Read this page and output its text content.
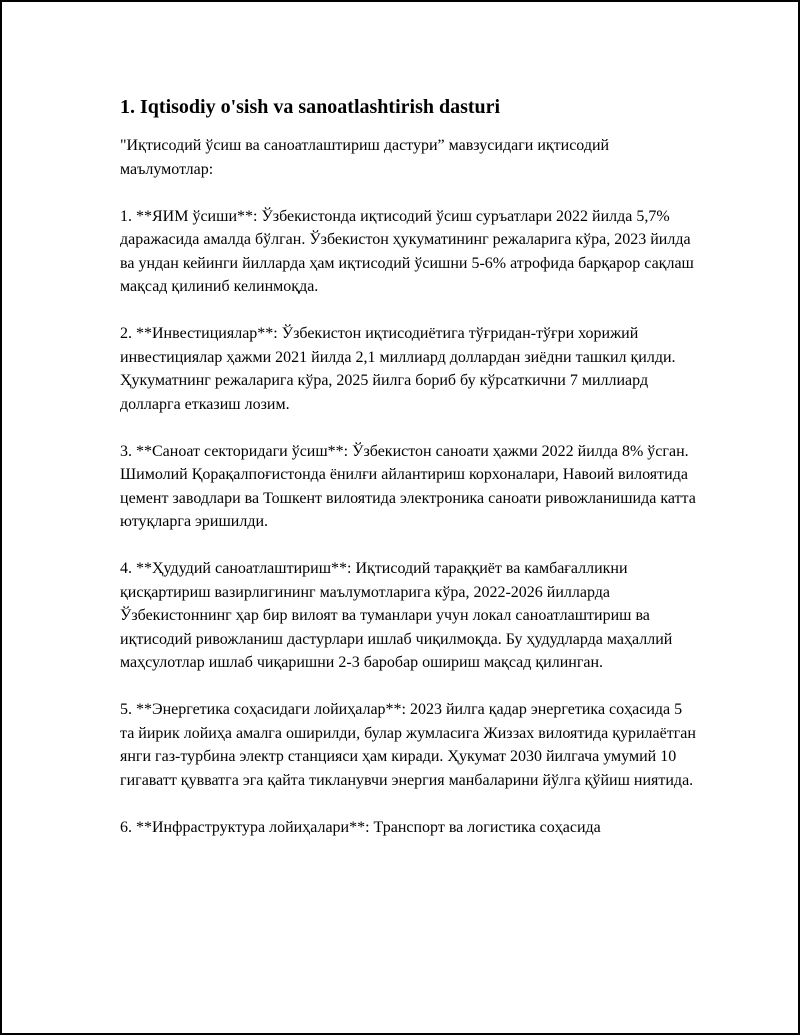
1. Iqtisodiy o'sish va sanoatlashtirish dasturi

"Иқтисодий ўсиш ва саноатлаштириш дастури” мавзусидаги иқтисодий маълумотлар:

1. **ЯИМ ўсиши**: Ўзбекистонда иқтисодий ўсиш суръатлари 2022 йилда 5,7% даражасида амалда бўлган. Ўзбекистон ҳукуматининг режаларига кўра, 2023 йилда ва ундан кейинги йилларда ҳам иқтисодий ўсишни 5-6% атрофида барқарор сақлаш мақсад қилиниб келинмоқда.

2. **Инвестициялар**: Ўзбекистон иқтисодиётига тўғридан-тўғри хорижий инвестициялар ҳажми 2021 йилда 2,1 миллиард доллардан зиёдни ташкил қилди. Ҳукуматнинг режаларига кўра, 2025 йилга бориб бу кўрсаткични 7 миллиард долларга етказиш лозим.

3. **Саноат секторидаги ўсиш**: Ўзбекистон саноати ҳажми 2022 йилда 8% ўсган. Шимолий Қорақалпоғистонда ёнилғи айлантириш корхоналари, Навоий вилоятида цемент заводлари ва Тошкент вилоятида электроника саноати ривожланишида катта ютуқларга эришилди.

4. **Ҳудудий саноатлаштириш**: Иқтисодий тараққиёт ва камбағалликни қисқартириш вазирлигининг маълумотларига кўра, 2022-2026 йилларда Ўзбекистоннинг ҳар бир вилоят ва туманлари учун локал саноатлаштириш ва иқтисодий ривожланиш дастурлари ишлаб чиқилмоқда. Бу ҳудудларда маҳаллий маҳсулотлар ишлаб чиқаришни 2-3 баробар ошириш мақсад қилинган.

5. **Энергетика соҳасидаги лойиҳалар**: 2023 йилга қадар энергетика соҳасида 5 та йирик лойиҳа амалга оширилди, булар жумласига Жиззах вилоятида қурилаётган янги газ-турбина электр станцияси ҳам киради. Ҳукумат 2030 йилгача умумий 10 гигаватт қувватга эга қайта тикланувчи энергия манбаларини йўлга қўйиш ниятида.

6. **Инфраструктура лойиҳалари**: Транспорт ва логистика соҳасида
